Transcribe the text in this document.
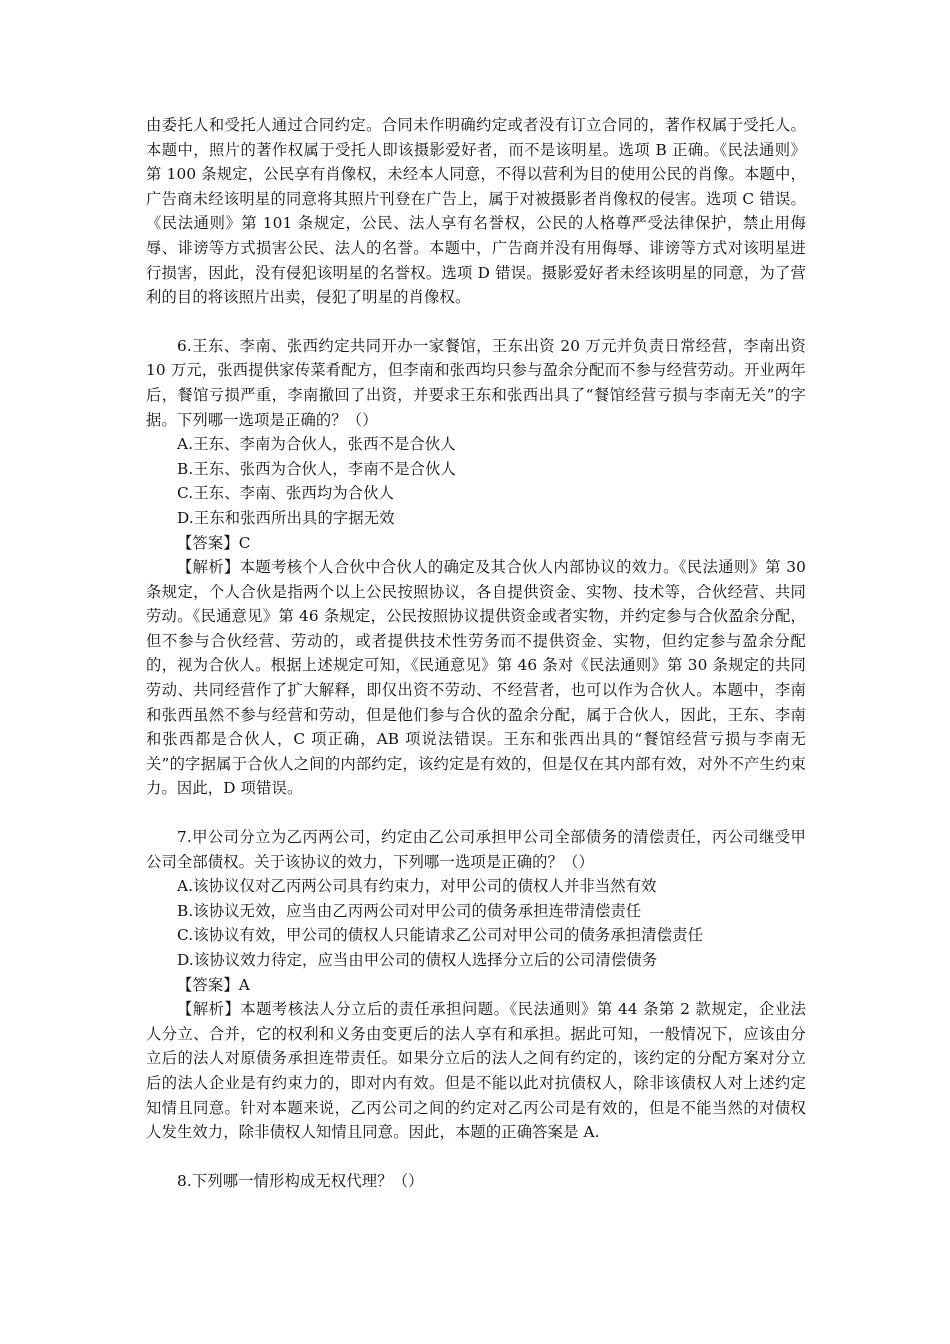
由委托人和受托人通过合同约定。合同未作明确约定或者没有订立合同的，著作权属于受托人。本题中，照片的著作权属于受托人即该摄影爱好者，而不是该明星。选项 B 正确。《民法通则》第 100 条规定，公民享有肖像权，未经本人同意，不得以营利为目的使用公民的肖像。本题中，广告商未经该明星的同意将其照片刊登在广告上，属于对被摄影者肖像权的侵害。选项 C 错误。《民法通则》第 101 条规定，公民、法人享有名誉权，公民的人格尊严受法律保护，禁止用侮辱、诽谤等方式损害公民、法人的名誉。本题中，广告商并没有用侮辱、诽谤等方式对该明星进行损害，因此，没有侵犯该明星的名誉权。选项 D 错误。摄影爱好者未经该明星的同意，为了营利的目的将该照片出卖，侵犯了明星的肖像权。

6.王东、李南、张西约定共同开办一家餐馆，王东出资 20 万元并负责日常经营，李南出资 10 万元，张西提供家传菜肴配方，但李南和张西均只参与盈余分配而不参与经营劳动。开业两年后，餐馆亏损严重，李南撤回了出资，并要求王东和张西出具了“餐馆经营亏损与李南无关”的字据。下列哪一选项是正确的？（）

A.王东、李南为合伙人，张西不是合伙人

B.王东、张西为合伙人，李南不是合伙人

C.王东、李南、张西均为合伙人

D.王东和张西所出具的字据无效

【答案】C

【解析】本题考核个人合伙中合伙人的确定及其合伙人内部协议的效力。《民法通则》第 30 条规定，个人合伙是指两个以上公民按照协议，各自提供资金、实物、技术等，合伙经营、共同劳动。《民通意见》第 46 条规定，公民按照协议提供资金或者实物，并约定参与合伙盈余分配，但不参与合伙经营、劳动的，或者提供技术性劳务而不提供资金、实物，但约定参与盈余分配的，视为合伙人。根据上述规定可知，《民通意见》第 46 条对《民法通则》第 30 条规定的共同劳动、共同经营作了扩大解释，即仅出资不劳动、不经营者，也可以作为合伙人。本题中，李南和张西虽然不参与经营和劳动，但是他们参与合伙的盈余分配，属于合伙人，因此，王东、李南和张西都是合伙人，C 项正确，AB 项说法错误。王东和张西出具的“餐馆经营亏损与李南无关”的字据属于合伙人之间的内部约定，该约定是有效的，但是仅在其内部有效，对外不产生约束力。因此，D 项错误。

7.甲公司分立为乙丙两公司，约定由乙公司承担甲公司全部债务的清偿责任，丙公司继受甲公司全部债权。关于该协议的效力，下列哪一选项是正确的？（）

A.该协议仅对乙丙两公司具有约束力，对甲公司的债权人并非当然有效

B.该协议无效，应当由乙丙两公司对甲公司的债务承担连带清偿责任

C.该协议有效，甲公司的债权人只能请求乙公司对甲公司的债务承担清偿责任

D.该协议效力待定，应当由甲公司的债权人选择分立后的公司清偿债务

【答案】A

【解析】本题考核法人分立后的责任承担问题。《民法通则》第 44 条第 2 款规定，企业法人分立、合并，它的权利和义务由变更后的法人享有和承担。据此可知，一般情况下，应该由分立后的法人对原债务承担连带责任。如果分立后的法人之间有约定的，该约定的分配方案对分立后的法人企业是有约束力的，即对内有效。但是不能以此对抗债权人，除非该债权人对上述约定知情且同意。针对本题来说，乙丙公司之间的约定对乙丙公司是有效的，但是不能当然的对债权人发生效力，除非债权人知情且同意。因此，本题的正确答案是 A.

8.下列哪一情形构成无权代理？（）
